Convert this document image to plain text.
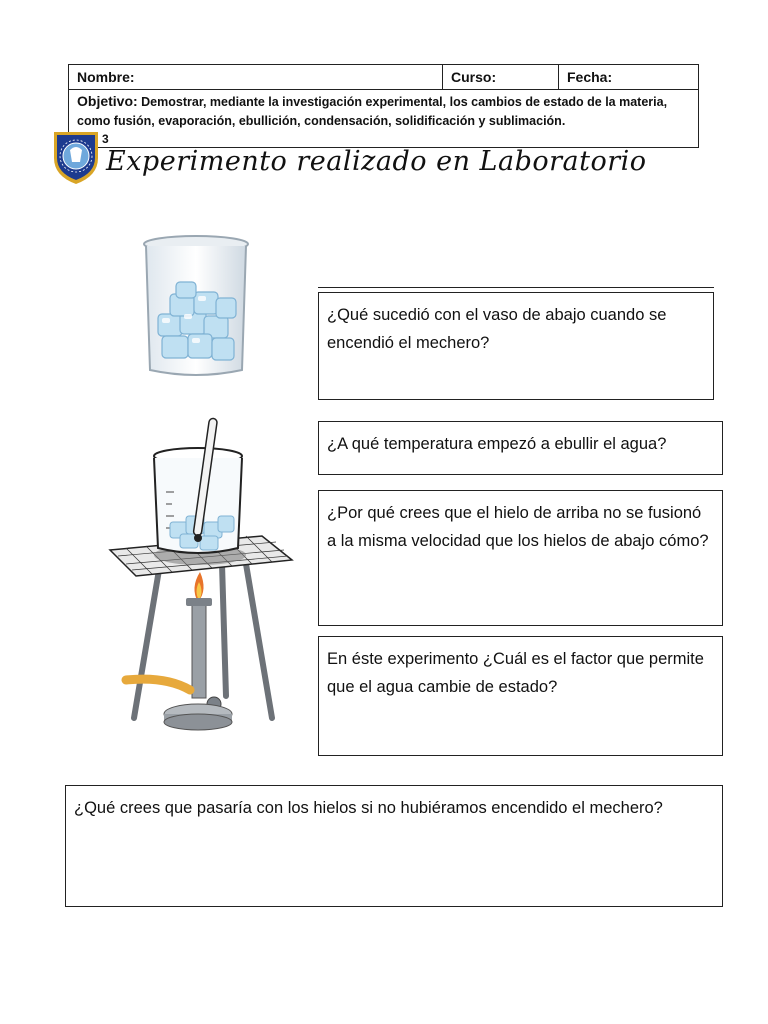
Nombre:	Curso:	Fecha:
Objetivo: Demostrar, mediante la investigación experimental, los cambios de estado de la materia, como fusión, evaporación, ebullición, condensación, solidificación y sublimación.
3
Experimento realizado en Laboratorio
¿Qué sucedió con el vaso de abajo cuando se encendió el mechero?
¿A qué temperatura empezó a ebullir el agua?
¿Por qué crees que el hielo de arriba no se fusionó a la misma velocidad que los hielos de abajo cómo?
En éste experimento ¿Cuál es el factor que permite que el agua cambie de estado?
¿Qué crees que pasaría con los hielos si no hubiéramos encendido el mechero?
